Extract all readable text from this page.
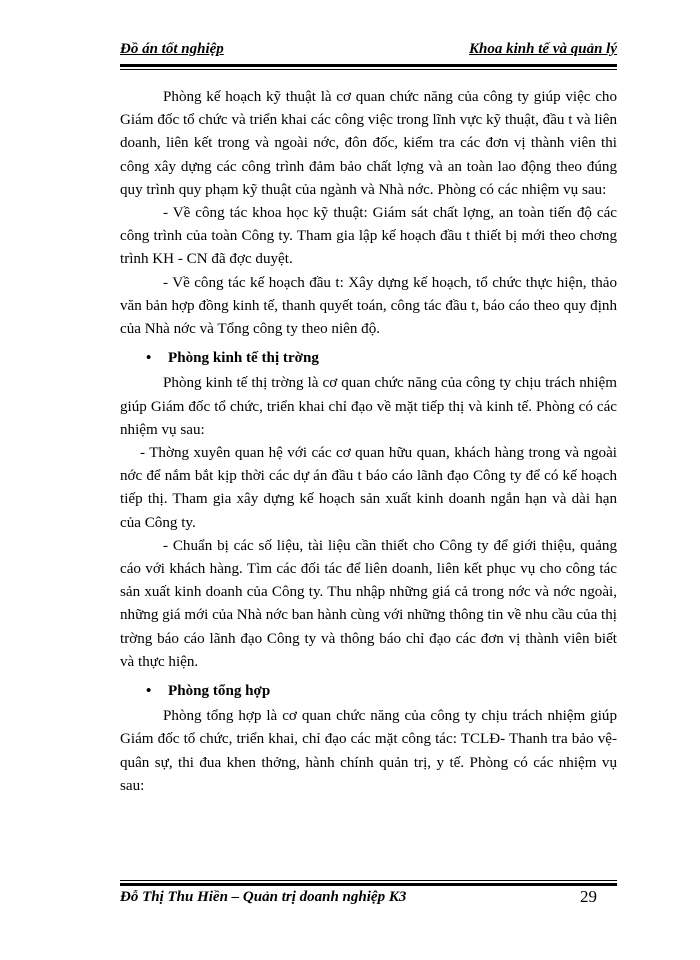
Đồ án tốt nghiệp	Khoa kinh tế và quản lý

Phòng kế hoạch kỹ thuật là cơ quan chức năng của công ty giúp việc cho Giám đốc tổ chức và triển khai các công việc trong lĩnh vực kỹ thuật, đầu t và liên doanh, liên kết trong và ngoài nớc, đôn đốc, kiểm tra các đơn vị thành viên thi công xây dựng các công trình đảm bảo chất lợng và an toàn lao động theo đúng quy trình quy phạm kỹ thuật của ngành và Nhà nớc. Phòng có các nhiệm vụ sau:

- Về công tác khoa học kỹ thuật: Giám sát chất lợng, an toàn tiến độ các công trình của toàn Công ty. Tham gia lập kế hoạch đầu t thiết bị mới theo chơng trình KH - CN đã đợc duyệt.

- Về công tác kế hoạch đầu t: Xây dựng kế hoạch, tổ chức thực hiện, thảo văn bản hợp đồng kinh tế, thanh quyết toán, công tác đầu t, báo cáo theo quy định của Nhà nớc và Tổng công ty theo niên độ.

• Phòng kinh tế thị trờng

Phòng kinh tế thị trờng là cơ quan chức năng của công ty chịu trách nhiệm giúp Giám đốc tổ chức, triển khai chỉ đạo về mặt tiếp thị và kinh tế. Phòng có các nhiệm vụ sau:

- Thờng xuyên quan hệ với các cơ quan hữu quan, khách hàng trong và ngoài nớc để nắm bắt kịp thời các dự án đầu t báo cáo lãnh đạo Công ty để có kế hoạch tiếp thị. Tham gia xây dựng kế hoạch sản xuất kinh doanh ngắn hạn và dài hạn của Công ty.

- Chuẩn bị các số liệu, tài liệu cần thiết cho Công ty để giới thiệu, quảng cáo với khách hàng. Tìm các đối tác để liên doanh, liên kết phục vụ cho công tác sản xuất kinh doanh của Công ty. Thu nhập những giá cả trong nớc và nớc ngoài, những giá mới của Nhà nớc ban hành cùng với những thông tin về nhu cầu của thị trờng báo cáo lãnh đạo Công ty và thông báo chỉ đạo các đơn vị thành viên biết và thực hiện.

• Phòng tổng hợp

Phòng tổng hợp là cơ quan chức năng của công ty chịu trách nhiệm giúp Giám đốc tổ chức, triển khai, chỉ đạo các mặt công tác: TCLĐ- Thanh tra bảo vệ- quân sự, thi đua khen thởng, hành chính quản trị, y tế. Phòng có các nhiệm vụ sau:

Đỗ Thị Thu Hiền – Quản trị doanh nghiệp K3	29
